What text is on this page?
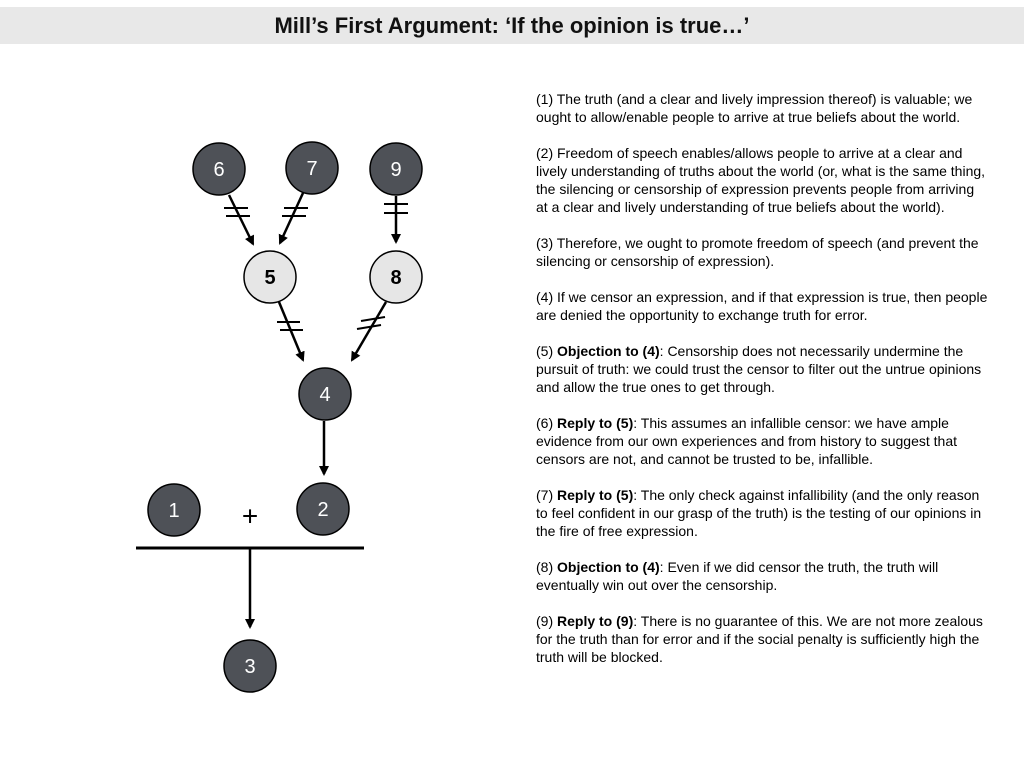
Mill’s First Argument: ‘If the opinion is true…’
+
6	7	9
5	8
4
1	2
3

(1) The truth (and a clear and lively impression thereof) is valuable; we ought to allow/enable people to arrive at true beliefs about the world.

(2) Freedom of speech enables/allows people to arrive at a clear and lively understanding of truths about the world (or, what is the same thing, the silencing or censorship of expression prevents people from arriving at a clear and lively understanding of true beliefs about the world).

(3) Therefore, we ought to promote freedom of speech (and prevent the silencing or censorship of expression).

(4) If we censor an expression, and if that expression is true, then people are denied the opportunity to exchange truth for error.

(5) Objection to (4): Censorship does not necessarily undermine the pursuit of truth: we could trust the censor to filter out the untrue opinions and allow the true ones to get through.

(6) Reply to (5): This assumes an infallible censor: we have ample evidence from our own experiences and from history to suggest that censors are not, and cannot be trusted to be, infallible.

(7) Reply to (5): The only check against infallibility (and the only reason to feel confident in our grasp of the truth) is the testing of our opinions in the fire of free expression.

(8) Objection to (4): Even if we did censor the truth, the truth will eventually win out over the censorship.

(9) Reply to (9): There is no guarantee of this. We are not more zealous for the truth than for error and if the social penalty is sufficiently high the truth will be blocked.
